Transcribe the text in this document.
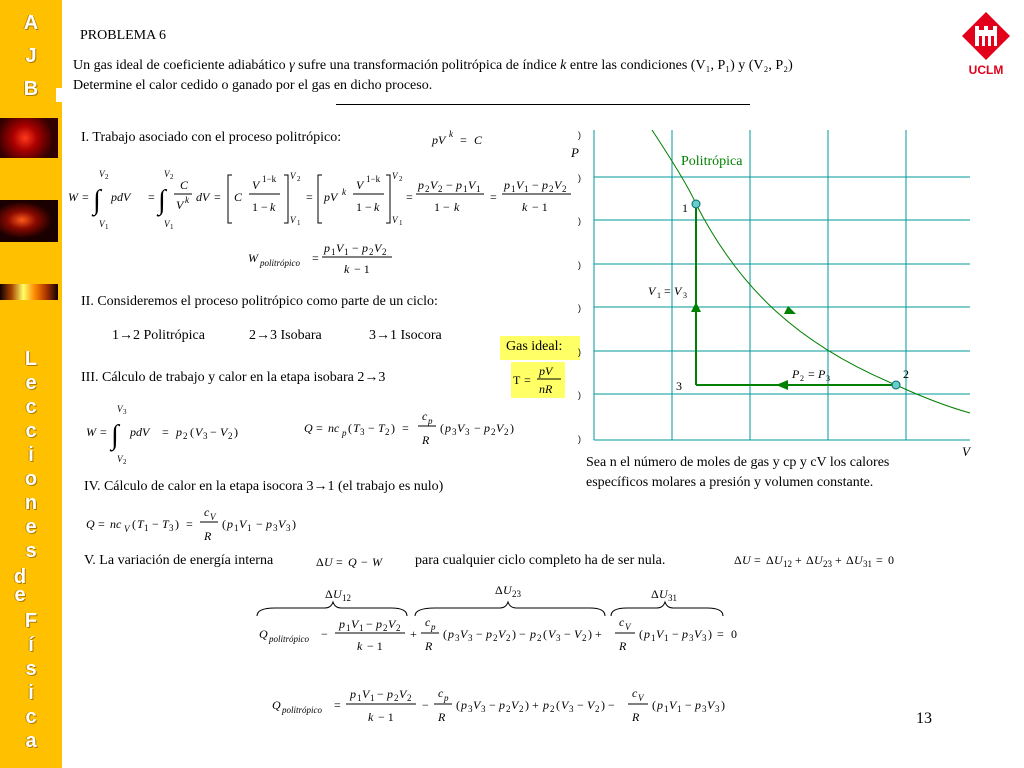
A
J
B
L
e
c
c
i
o
n
e
s
d
e
F
í
s
i
c
a
UCLM
PROBLEMA 6
Un gas ideal de coeficiente adiabático γ sufre una transformación politrópica de índice k entre las condiciones (V₁, P₁) y (V₂, P₂)
Determine el calor cedido o ganado por el gas en dicho proceso.
I. Trabajo asociado con el proceso politrópico:	pV k = C
W = ∫
V 2
V 1
pdV = ∫
V 2
V 1
C
V k dV = C
V 1−k
1 − k
V 2
V 1
= pV k V 1−k
1 − k
V 2
V 1
=
p 2 V 2 − p 1 V 1
1 − k
=
p 1 V 1 − p 2 V 2
k − 1
W politrópico =
p 1 V 1 − p 2 V 2
k − 1
II. Consideremos el proceso politrópico como parte de un ciclo:
1→2 Politrópica	2→3 Isobara	3→1 Isocora
Gas ideal:
T =
pV
nR
III. Cálculo de trabajo y calor en la etapa isobara 2→3
W = ∫
V 3
V 2
pdV = p 2 ( V 3 − V 2 )	Q = nc p ( T 3 − T 2 ) =
c p
R
( p 3 V 3 − p 2 V 2 )
IV. Cálculo de calor en la etapa isocora 3→1 (el trabajo es nulo)
Q = nc V ( T 1 − T 3 ) =
c V
R
( p 1 V 1 − p 3 V 3 )
)
)
)
)
)
)
)
)
P
V
1
2
3
Politrópica
V 1 = V 3
P 2 = P 3
Sea n el número de moles de gas y cp y cV los calores
específicos molares a presión y volumen constante.
V. La variación de energía interna	Δ U = Q − W para cualquier ciclo completo ha de ser nula.	Δ U = Δ U 12 + Δ U 23 + Δ U 31 = 0
Δ U 12
Δ U 23	Δ U 31
Q politrópico −
p 1 V 1 − p 2 V 2
k − 1
+
c p
R
( p 3 V 3 − p 2 V 2 ) − p 2 ( V 3 − V 2 ) +
c V
R
( p 1 V 1 − p 3 V 3 ) = 0
Q politrópico =
p 1 V 1 − p 2 V 2
k − 1
−
c p
R
( p 3 V 3 − p 2 V 2 ) + p 2 ( V 3 − V 2 ) −
c V
R
( p 1 V 1 − p 3 V 3 )
13
